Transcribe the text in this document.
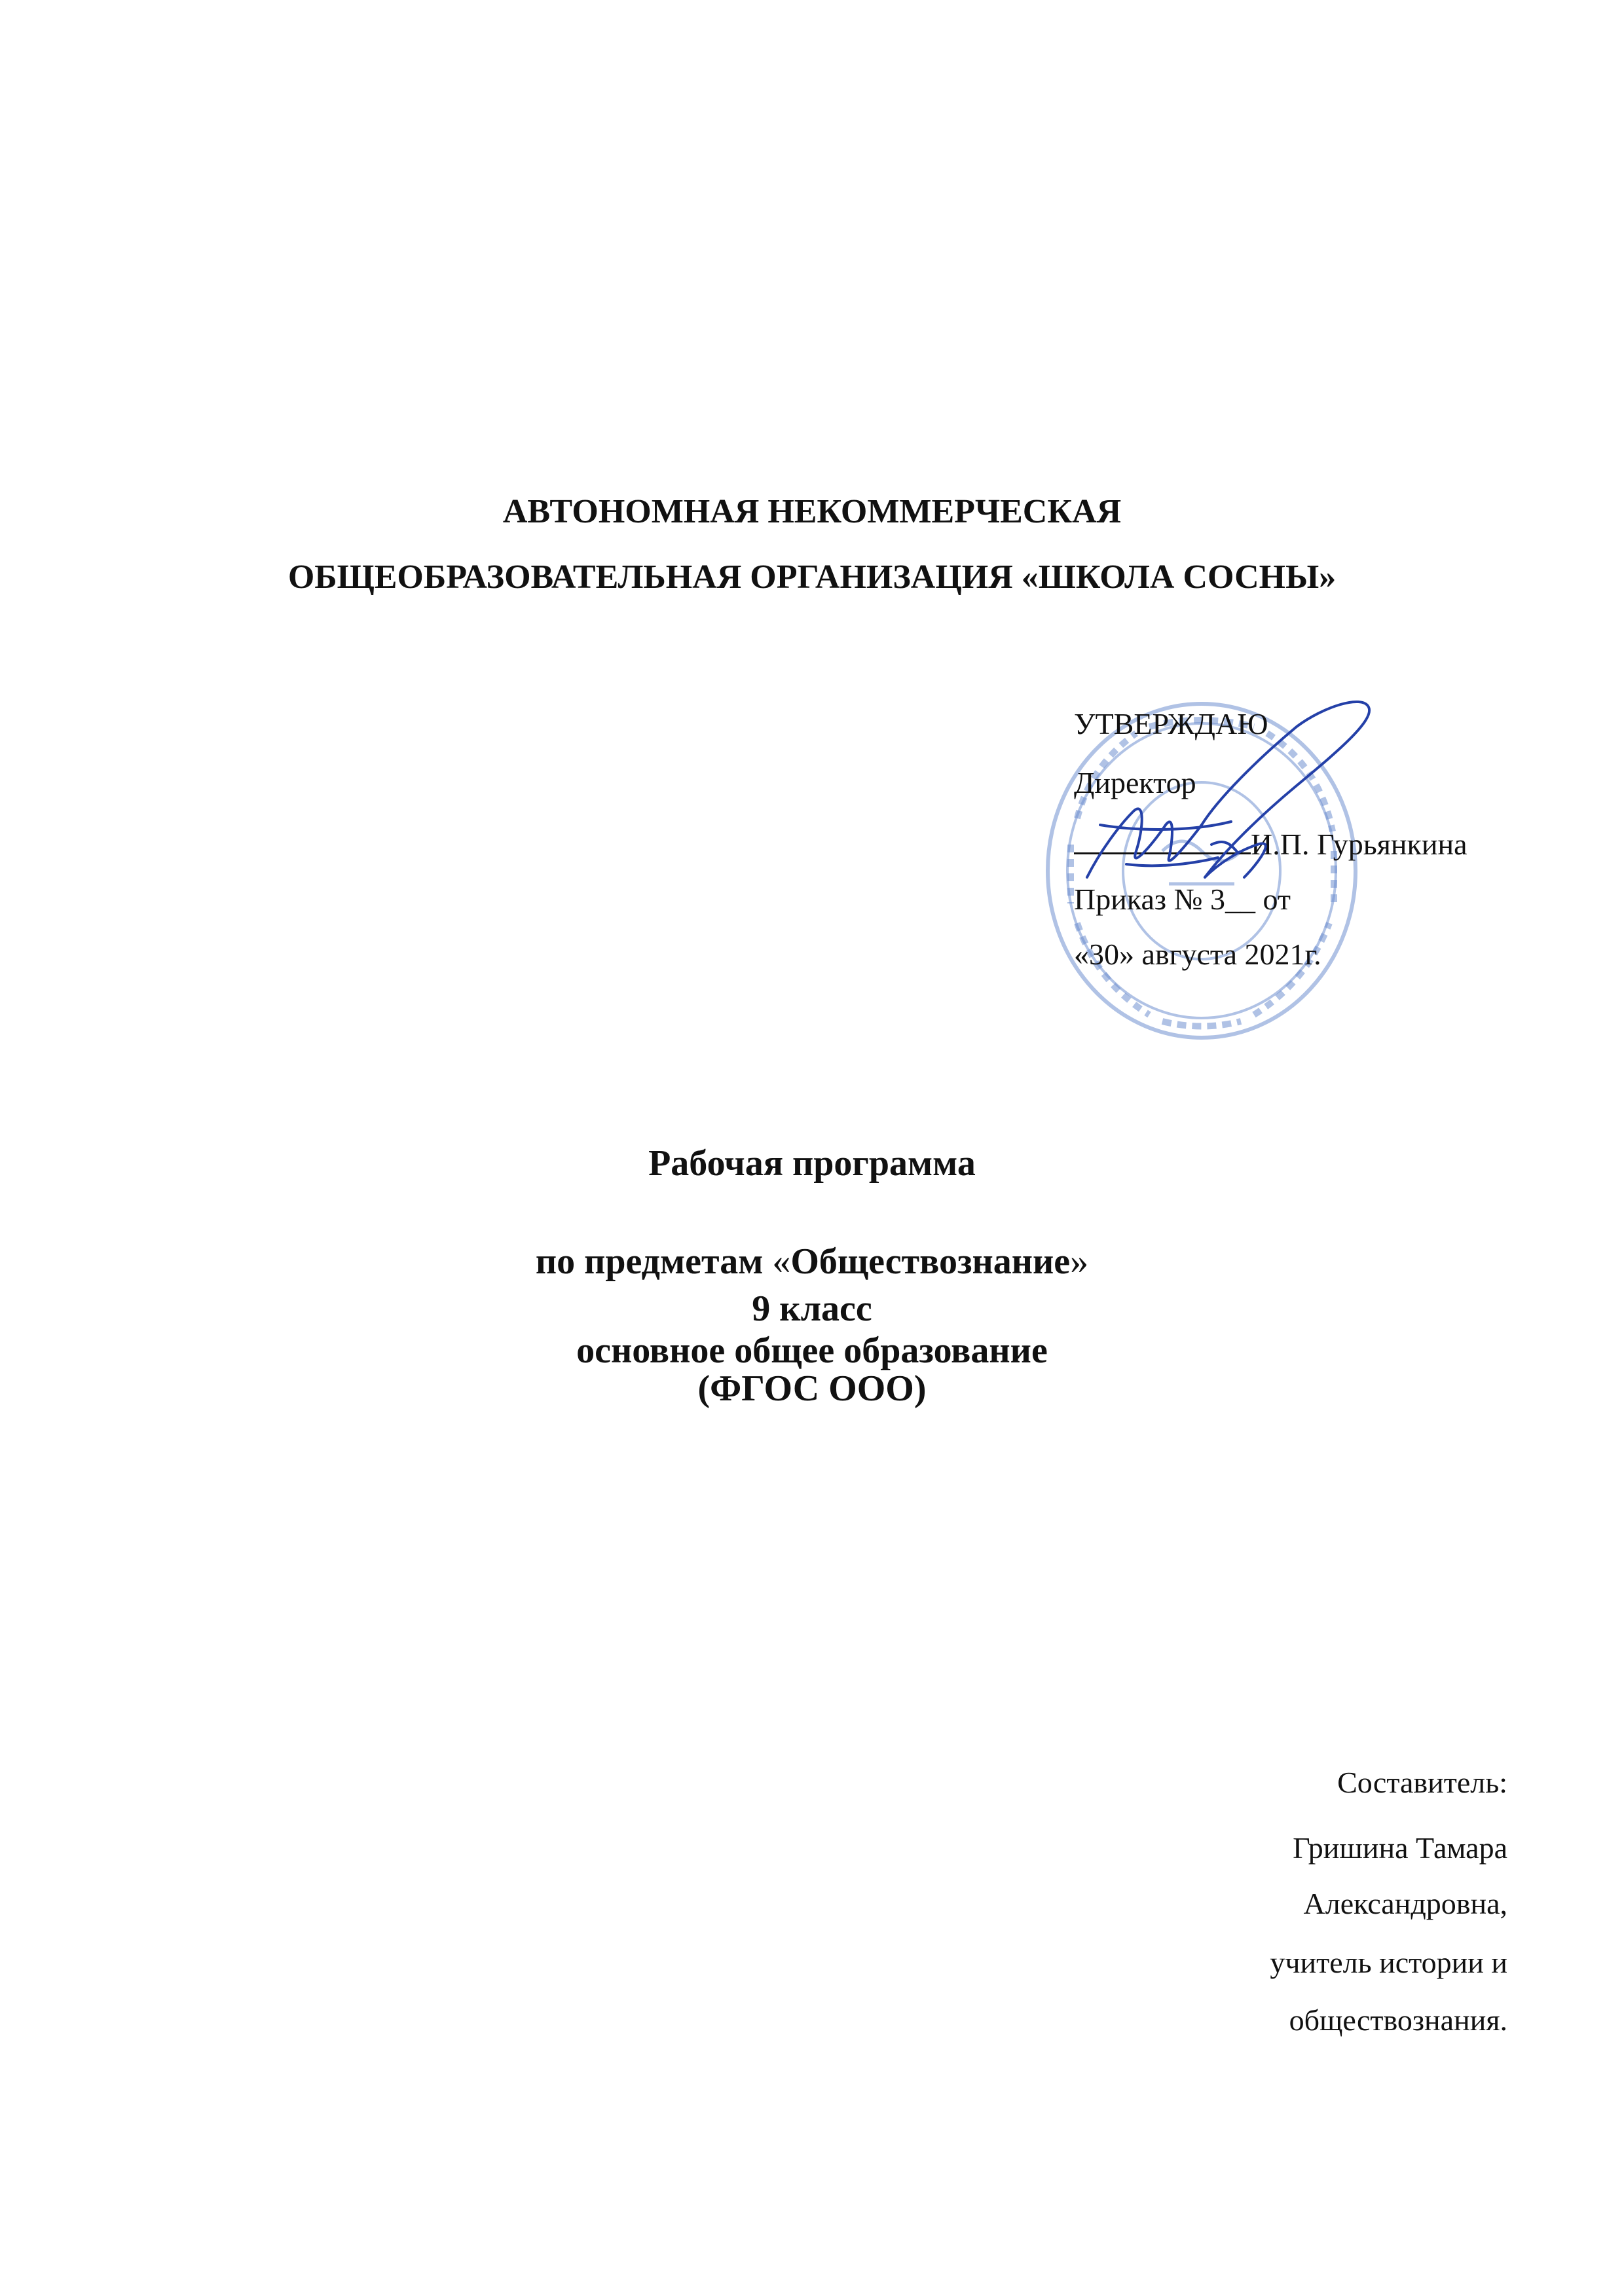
АВТОНОМНАЯ НЕКОММЕРЧЕСКАЯ
ОБЩЕОБРАЗОВАТЕЛЬНАЯ ОРГАНИЗАЦИЯ «ШКОЛА СОСНЫ»
УТВЕРЖДАЮ
Директор
И.П. Гурьянкина
Приказ № 3__ от
«30» августа 2021г.
Рабочая программа
по предметам «Обществознание»
9 класс
основное общее образование
(ФГОС ООО)
Составитель:
Гришина Тамара
Александровна,
учитель истории и
обществознания.
